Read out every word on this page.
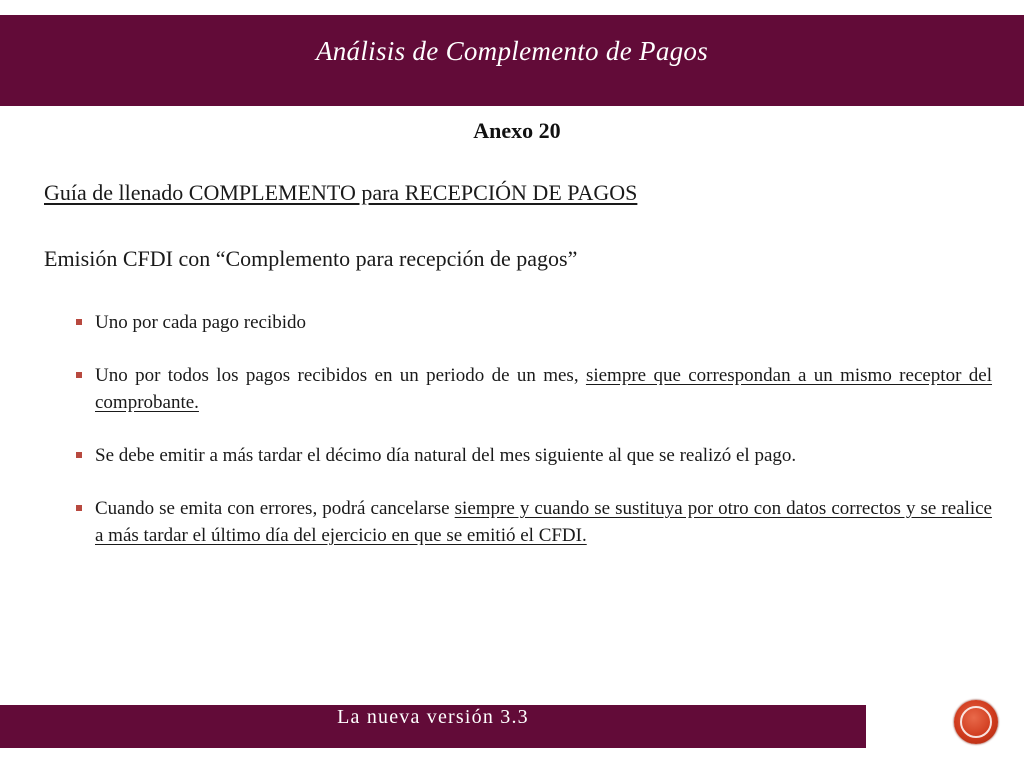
Análisis de Complemento de Pagos
Anexo 20
Guía de llenado COMPLEMENTO para RECEPCIÓN DE PAGOS
Emisión CFDI con “Complemento para recepción de pagos”
Uno por cada pago recibido
Uno por todos los pagos recibidos en un periodo de un mes, siempre que correspondan a un mismo receptor del comprobante.
Se debe emitir a más tardar el décimo día natural del mes siguiente al que se realizó el pago.
Cuando se emita con errores, podrá cancelarse siempre y cuando se sustituya por otro con datos correctos y se realice a más tardar el último día del ejercicio en que se emitió el CFDI.
La nueva versión 3.3
